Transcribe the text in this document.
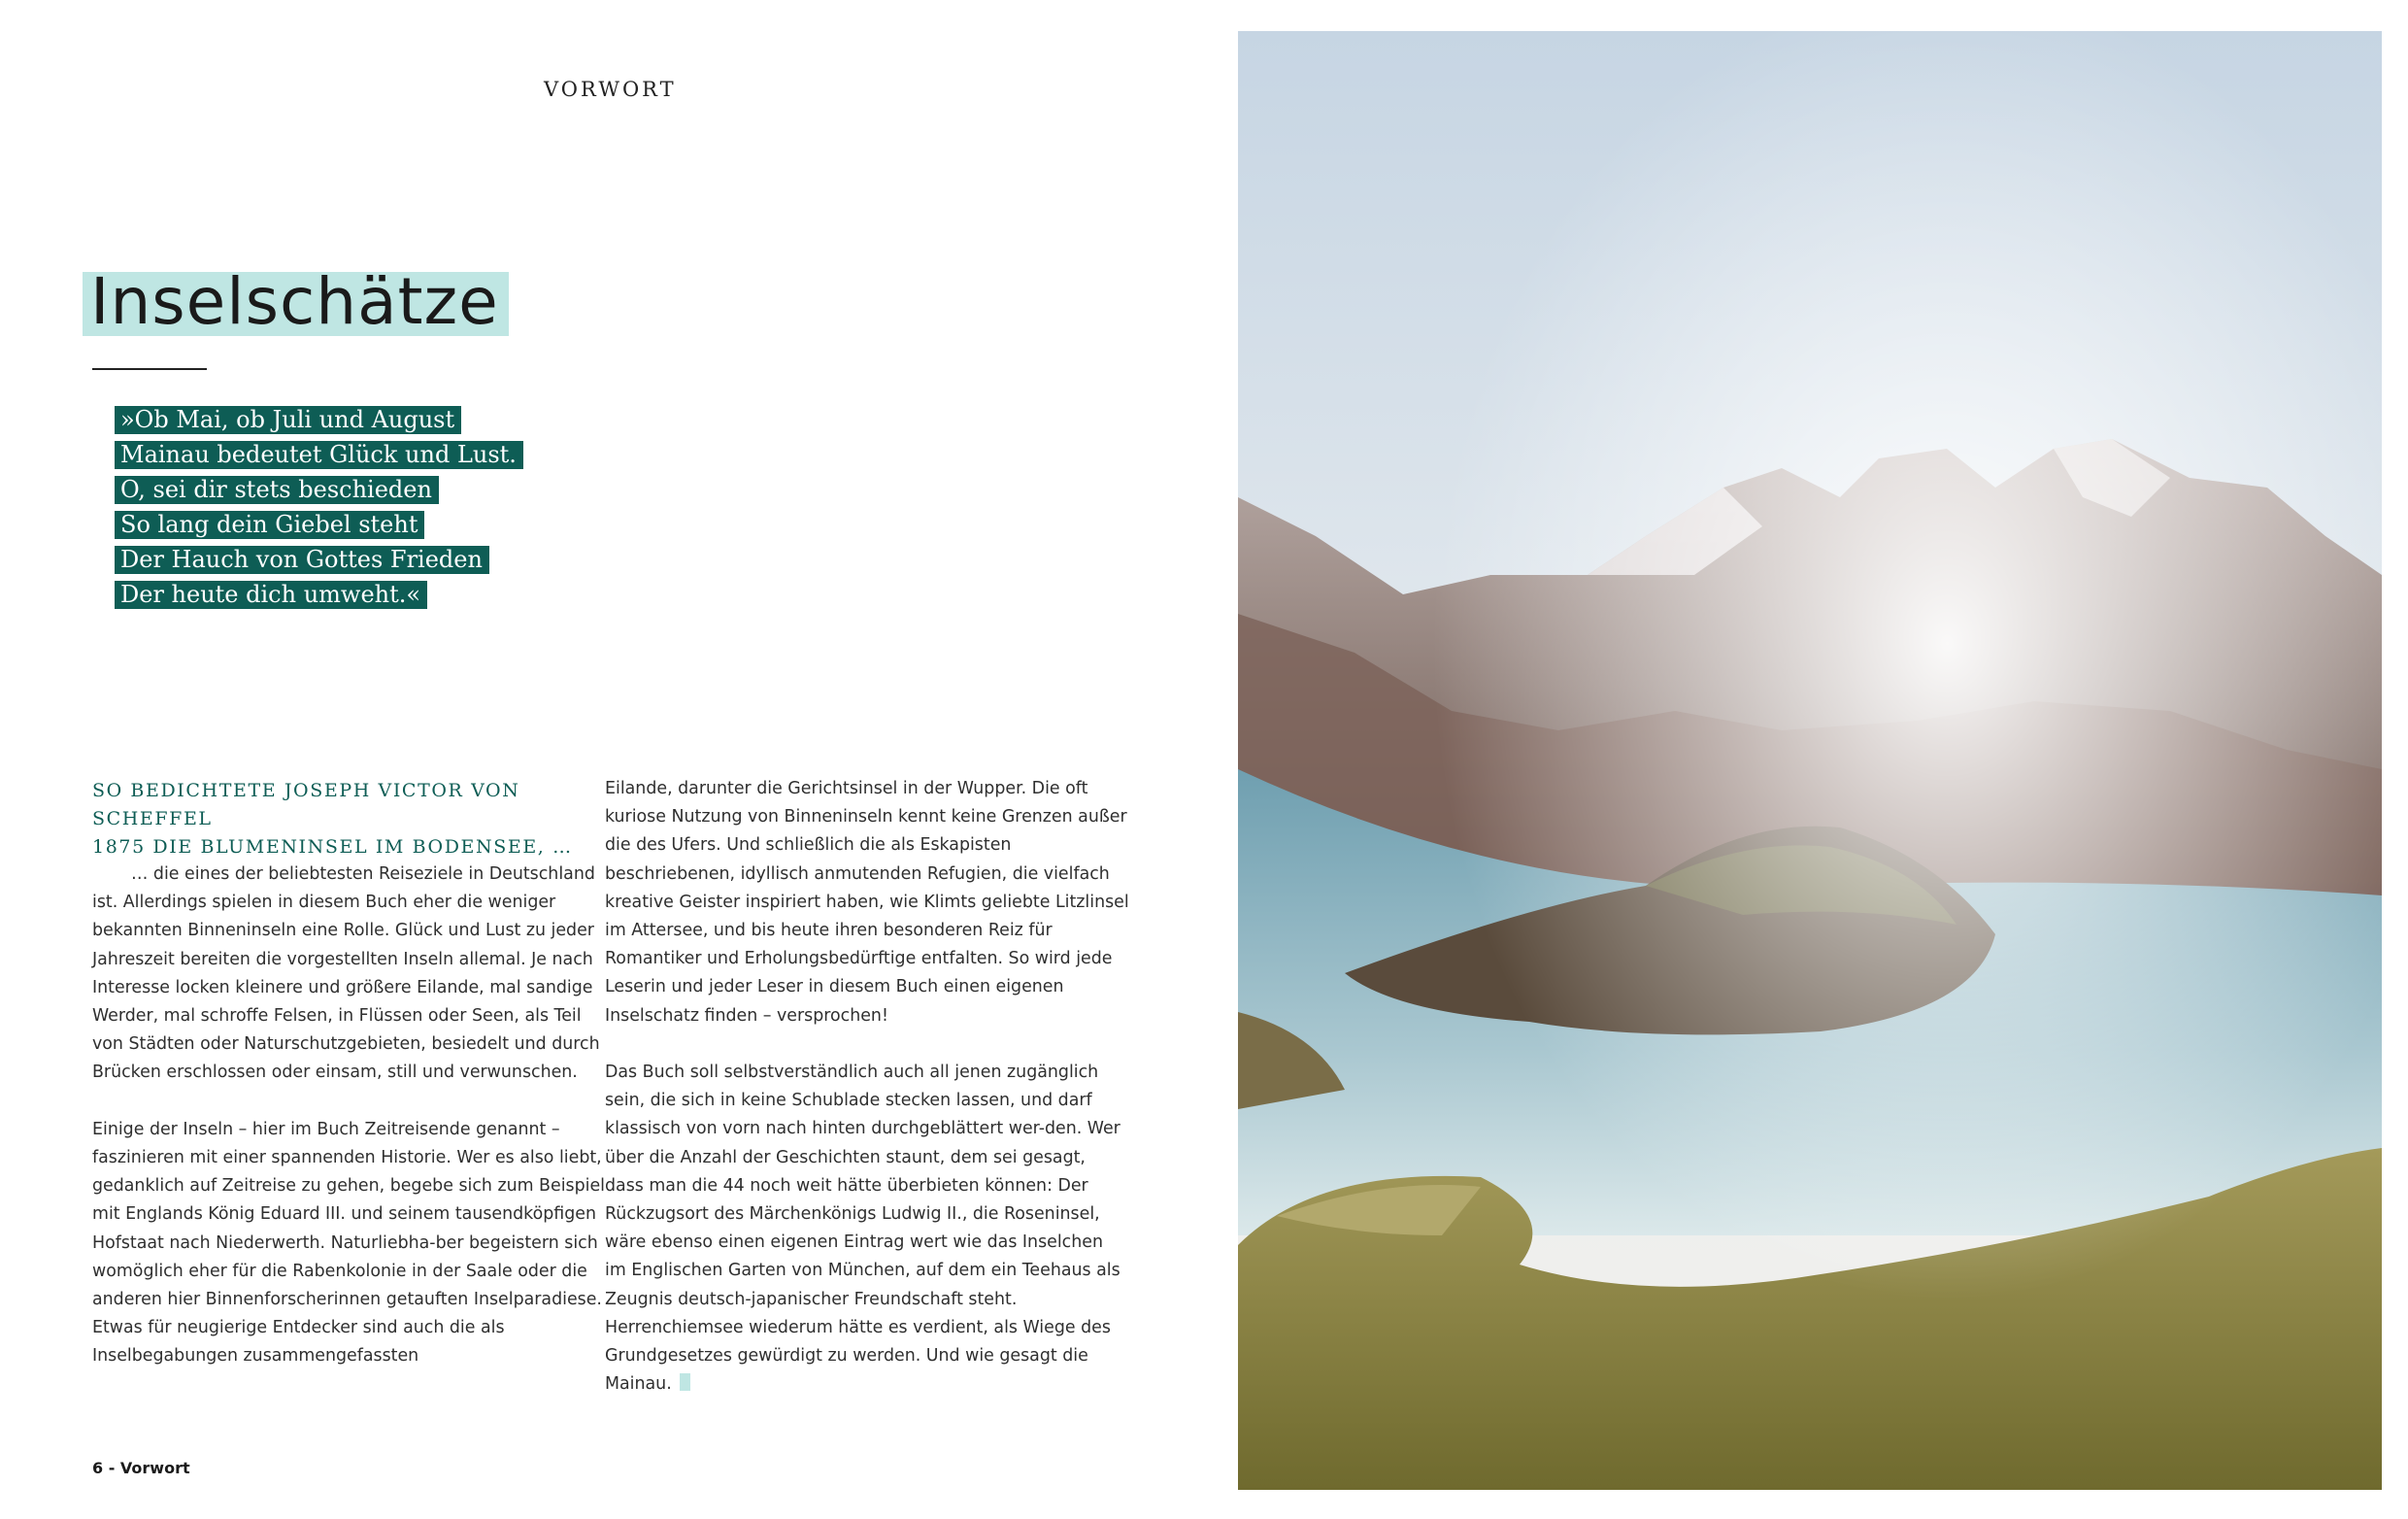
VORWORT
Inselschätze
»Ob Mai, ob Juli und August
Mainau bedeutet Glück und Lust.
O, sei dir stets beschieden
So lang dein Giebel steht
Der Hauch von Gottes Frieden
Der heute dich umweht.«
SO BEDICHTETE JOSEPH VICTOR VON SCHEFFEL
1875 DIE BLUMENINSEL IM BODENSEE, …

… die eines der beliebtesten Reiseziele in Deutschland ist. Allerdings spielen in diesem Buch eher die weniger bekannten Binneninseln eine Rolle. Glück und Lust zu jeder Jahreszeit bereiten die vorgestellten Inseln allemal. Je nach Interesse locken kleinere und größere Eilande, mal sandige Werder, mal schroffe Felsen, in Flüssen oder Seen, als Teil von Städten oder Naturschutzgebieten, besiedelt und durch Brücken erschlossen oder einsam, still und verwunschen.

Einige der Inseln – hier im Buch Zeitreisende genannt – faszinieren mit einer spannenden Historie. Wer es also liebt, gedanklich auf Zeitreise zu gehen, begebe sich zum Beispiel mit Englands König Eduard III. und seinem tausendköpfigen Hofstaat nach Niederwerth. Naturliebha-ber begeistern sich womöglich eher für die Rabenkolonie in der Saale oder die anderen hier Binnenforscherinnen getauften Inselparadiese. Etwas für neugierige Entdecker sind auch die als Inselbegabungen zusammengefassten

Eilande, darunter die Gerichtsinsel in der Wupper. Die oft kuriose Nutzung von Binneninseln kennt keine Grenzen außer die des Ufers. Und schließlich die als Eskapisten beschriebenen, idyllisch anmutenden Refugien, die vielfach kreative Geister inspiriert haben, wie Klimts geliebte Litzlinsel im Attersee, und bis heute ihren besonderen Reiz für Romantiker und Erholungsbedürftige entfalten. So wird jede Leserin und jeder Leser in diesem Buch einen eigenen Inselschatz finden – versprochen!

Das Buch soll selbstverständlich auch all jenen zugänglich sein, die sich in keine Schublade stecken lassen, und darf klassisch von vorn nach hinten durchgeblättert wer-den. Wer über die Anzahl der Geschichten staunt, dem sei gesagt, dass man die 44 noch weit hätte überbieten können: Der Rückzugsort des Märchenkönigs Ludwig II., die Roseninsel, wäre ebenso einen eigenen Eintrag wert wie das Inselchen im Englischen Garten von München, auf dem ein Teehaus als Zeugnis deutsch-japanischer Freundschaft steht. Herrenchiemsee wiederum hätte es verdient, als Wiege des Grundgesetzes gewürdigt zu werden. Und wie gesagt die Mainau.

6 - Vorwort
